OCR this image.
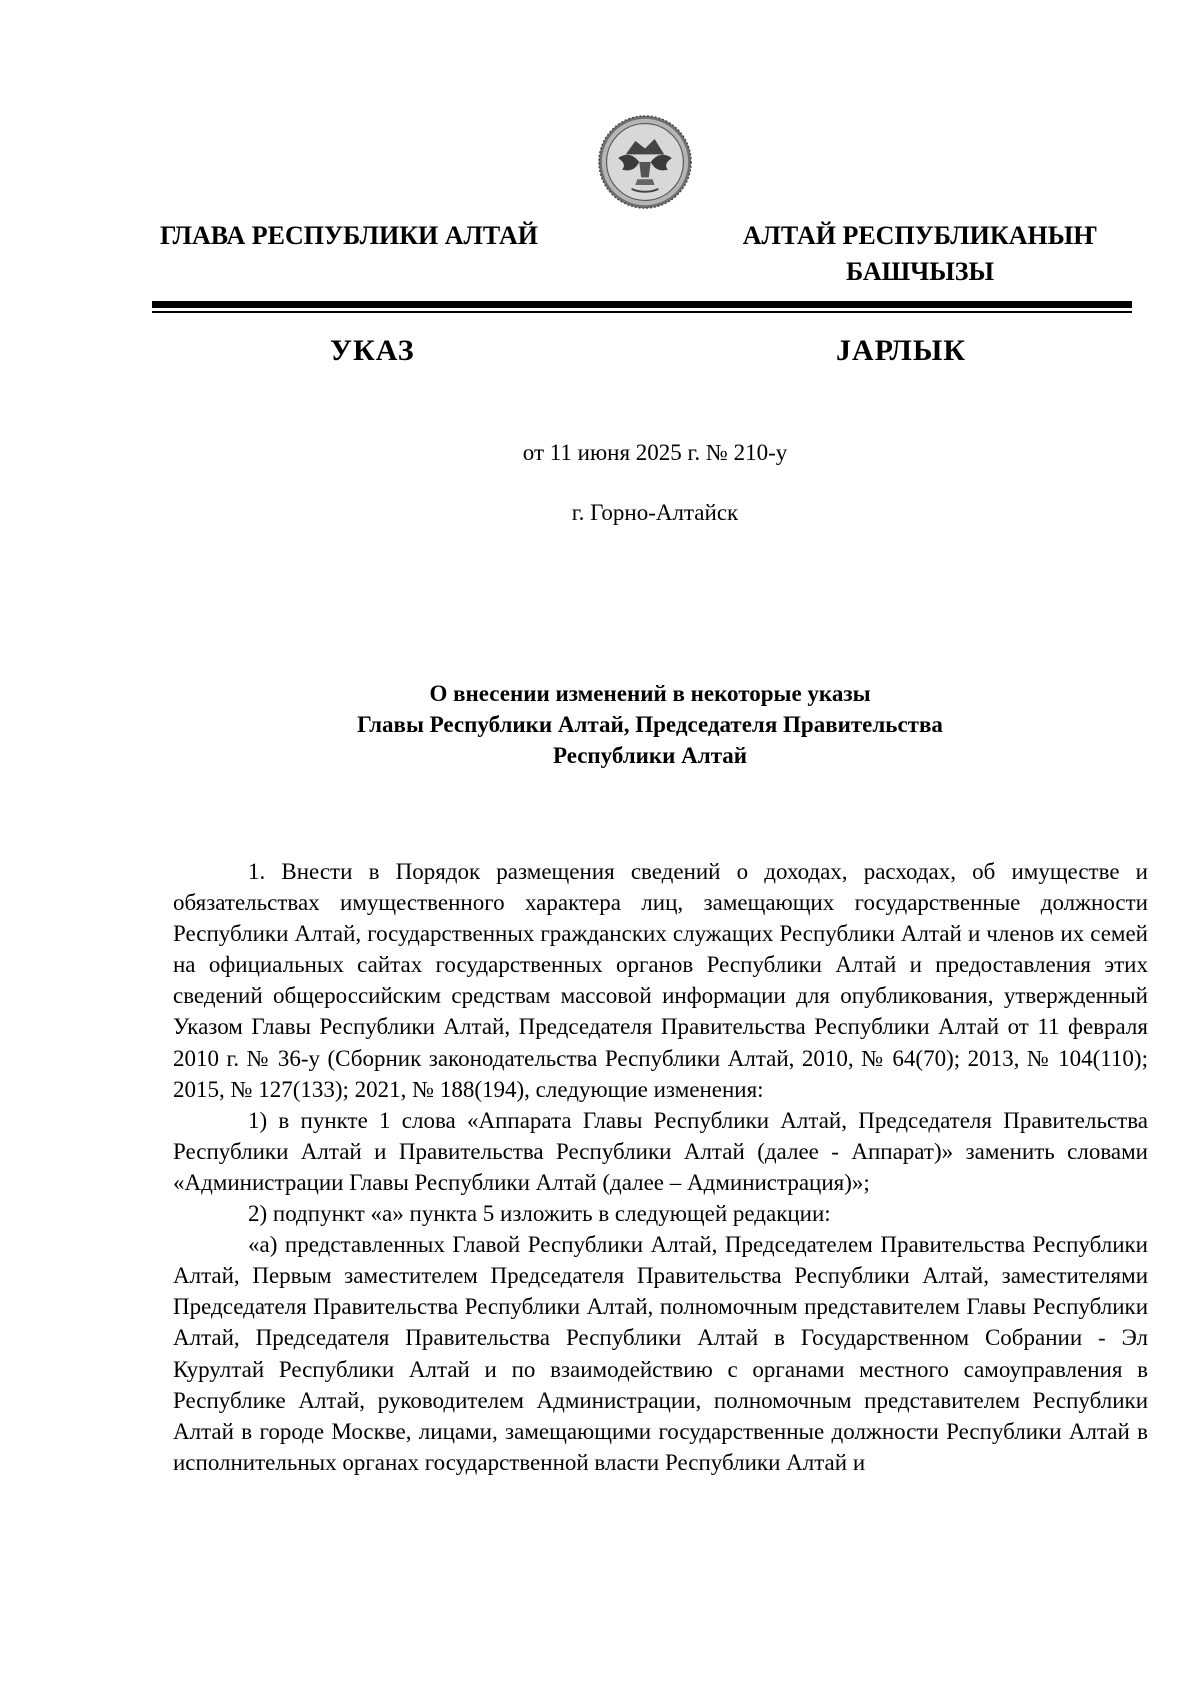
ГЛАВА РЕСПУБЛИКИ АЛТАЙ	АЛТАЙ РЕСПУБЛИКАНЫҤ
БАШЧЫЗЫ
УКАЗ	ЈАРЛЫК
от 11 июня 2025 г. № 210-у
г. Горно-Алтайск
О внесении изменений в некоторые указы
Главы Республики Алтай, Председателя Правительства
Республики Алтай

1. Внести в Порядок размещения сведений о доходах, расходах, об имуществе и обязательствах имущественного характера лиц, замещающих государственные должности Республики Алтай, государственных гражданских служащих Республики Алтай и членов их семей на официальных сайтах государственных органов Республики Алтай и предоставления этих сведений общероссийским средствам массовой информации для опубликования, утвержденный Указом Главы Республики Алтай, Председателя Правительства Республики Алтай от 11 февраля 2010 г. № 36-у (Сборник законодательства Республики Алтай, 2010, № 64(70); 2013, № 104(110); 2015, № 127(133); 2021, № 188(194), следующие изменения:

1) в пункте 1 слова «Аппарата Главы Республики Алтай, Председателя Правительства Республики Алтай и Правительства Республики Алтай (далее - Аппарат)» заменить словами «Администрации Главы Республики Алтай (далее – Администрация)»;

2) подпункт «а» пункта 5 изложить в следующей редакции:

«а) представленных Главой Республики Алтай, Председателем Правительства Республики Алтай, Первым заместителем Председателя Правительства Республики Алтай, заместителями Председателя Правительства Республики Алтай, полномочным представителем Главы Республики Алтай, Председателя Правительства Республики Алтай в Государственном Собрании - Эл Курултай Республики Алтай и по взаимодействию с органами местного самоуправления в Республике Алтай, руководителем Администрации, полномочным представителем Республики Алтай в городе Москве, лицами, замещающими государственные должности Республики Алтай в исполнительных органах государственной власти Республики Алтай и
